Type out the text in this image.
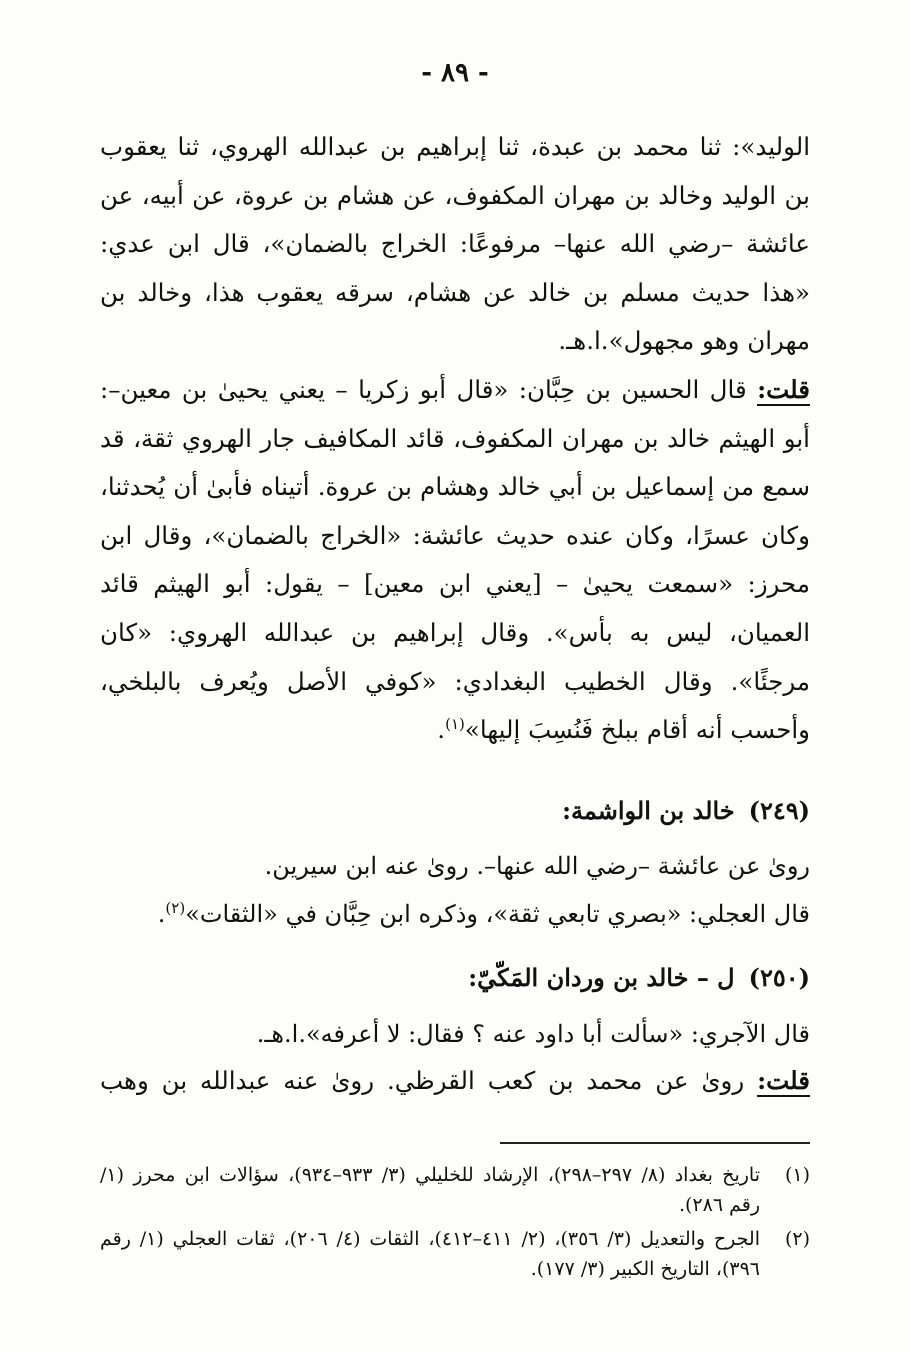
- ٨٩ -
الوليد»: ثنا محمد بن عبدة، ثنا إبراهيم بن عبدالله الهروي، ثنا يعقوب بن الوليد وخالد بن مهران المكفوف، عن هشام بن عروة، عن أبيه، عن عائشة –رضي الله عنها– مرفوعًا: الخراج بالضمان»، قال ابن عدي: «هذا حديث مسلم بن خالد عن هشام، سرقه يعقوب هذا، وخالد بن مهران وهو مجهول».ا.هـ.
قلت: قال الحسين بن حِبَّان: «قال أبو زكريا – يعني يحيىٰ بن معين–: أبو الهيثم خالد بن مهران المكفوف، قائد المكافيف جار الهروي ثقة، قد سمع من إسماعيل بن أبي خالد وهشام بن عروة. أتيناه فأبىٰ أن يُحدثنا، وكان عسرًا، وكان عنده حديث عائشة: «الخراج بالضمان»، وقال ابن محرز: «سمعت يحيىٰ – [يعني ابن معين] – يقول: أبو الهيثم قائد العميان، ليس به بأس». وقال إبراهيم بن عبدالله الهروي: «كان مرجئًا». وقال الخطيب البغدادي: «كوفي الأصل ويُعرف بالبلخي، وأحسب أنه أقام ببلخ فَنُسِبَ إليها»$^{(١)}$.
(٢٤٩)خالد بن الواشمة:
روىٰ عن عائشة –رضي الله عنها–. روىٰ عنه ابن سيرين.
قال العجلي: «بصري تابعي ثقة»، وذكره ابن حِبَّان في «الثقات»$^{(٢)}$.
(٢٥٠)ل – خالد بن وردان المَكّيّ:
قال الآجري: «سألت أبا داود عنه ؟ فقال: لا أعرفه».ا.هـ.
قلت: روىٰ عن محمد بن كعب القرظي. روىٰ عنه عبدالله بن وهب
(١)
تاريخ بغداد (٨/ ٢٩٧–٢٩٨)، الإرشاد للخليلي (٣/ ٩٣٣–٩٣٤)، سؤالات ابن محرز (١/ رقم ٢٨٦).
(٢)
الجرح والتعديل (٣/ ٣٥٦)، (٢/ ٤١١–٤١٢)، الثقات (٤/ ٢٠٦)، ثقات العجلي (١/ رقم ٣٩٦)، التاريخ الكبير (٣/ ١٧٧).
